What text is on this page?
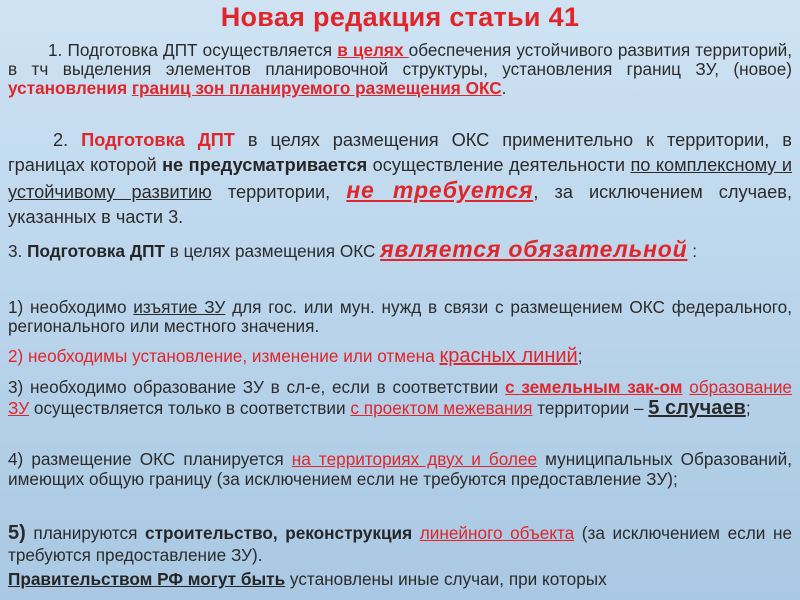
Новая редакция статьи 41
1. Подготовка ДПТ осуществляется в целях обеспечения устойчивого развития территорий, в тч выделения элементов планировочной структуры, установления границ ЗУ, (новое) установления границ зон планируемого размещения ОКС.
2. Подготовка ДПТ в целях размещения ОКС применительно к территории, в границах которой не предусматривается осуществление деятельности по комплексному и устойчивому развитию территории, не требуется, за исключением случаев, указанных в части 3.
3. Подготовка ДПТ в целях размещения ОКС является обязательной :
1) необходимо изъятие ЗУ для гос. или мун. нужд в связи с размещением ОКС федерального, регионального или местного значения.
2) необходимы установление, изменение или отмена красных линий;
3) необходимо образование ЗУ в сл-е, если в соответствии с земельным зак-ом образование ЗУ осуществляется только в соответствии с проектом межевания территории – 5 случаев;
4) размещение ОКС планируется на территориях двух и более муниципальных Образований, имеющих общую границу (за исключением если не требуются предоставление ЗУ);
5) планируются строительство, реконструкция линейного объекта (за исключением если не требуются предоставление ЗУ).
Правительством РФ могут быть установлены иные случаи, при которых
